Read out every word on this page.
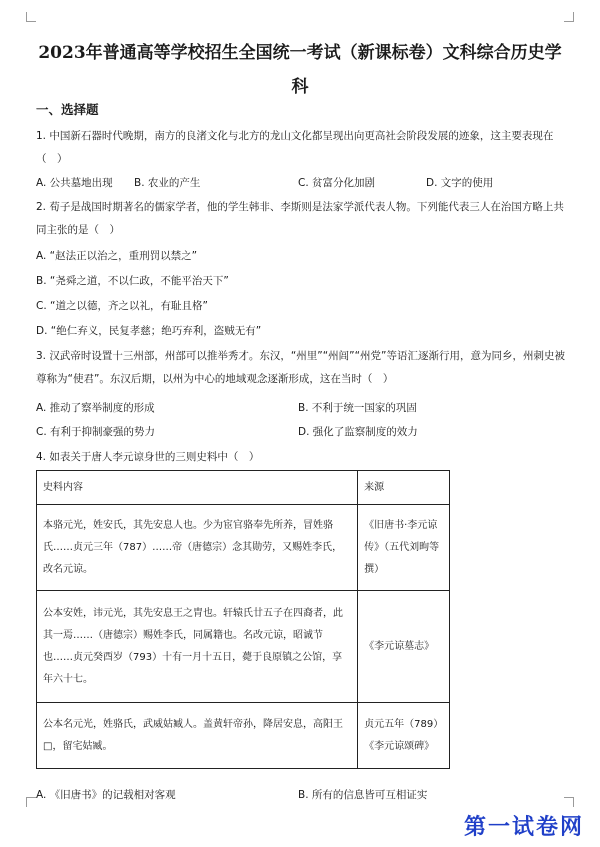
2023年普通高等学校招生全国统一考试（新课标卷）文科综合历史学科
一、选择题
1. 中国新石器时代晚期，南方的良渚文化与北方的龙山文化都呈现出向更高社会阶段发展的迹象，这主要表现在（　）
A. 公共墓地出现 B. 农业的产生	C. 贫富分化加剧	D. 文字的使用
2. 荀子是战国时期著名的儒家学者，他的学生韩非、李斯则是法家学派代表人物。下列能代表三人在治国方略上共同主张的是（　）
A. “赵法正以治之，重刑罚以禁之”
B. “尧舜之道，不以仁政，不能平治天下”
C. “道之以德，齐之以礼，有耻且格”
D. “绝仁弃义，民复孝慈；绝巧弃利，盗贼无有”
3. 汉武帝时设置十三州部，州部可以推举秀才。东汉，“州里”“州闾”“州党”等语汇逐渐行用，意为同乡，州刺史被尊称为“使君”。东汉后期，以州为中心的地域观念逐渐形成，这在当时（　）
A. 推动了察举制度的形成	B. 不利于统一国家的巩固
C. 有利于抑制豪强的势力	D. 强化了监察制度的效力
4. 如表关于唐人李元谅身世的三则史料中（　）
史料内容	来源
本骆元光，姓安氏，其先安息人也。少为宦官骆奉先所养，冒姓骆氏……贞元三年（787）……帝（唐德宗）念其勋劳，又赐姓李氏，改名元谅。	《旧唐书·李元谅传》（五代刘昫等撰）
公本安姓，讳元光，其先安息王之胄也。轩辕氏廿五子在四裔者，此其一焉……（唐德宗）赐姓李氏，同属籍也。名改元谅，昭诚节也……贞元癸酉岁（793）十有一月十五日，薨于良原镇之公馆，享年六十七。	《李元谅墓志》
公本名元光，姓骆氏，武威姑臧人。盖黄轩帝孙，降居安息，高阳王□，留宅姑臧。	贞元五年（789）《李元谅颂碑》
A. 《旧唐书》的记载相对客观	B. 所有的信息皆可互相证实
第一试卷网
